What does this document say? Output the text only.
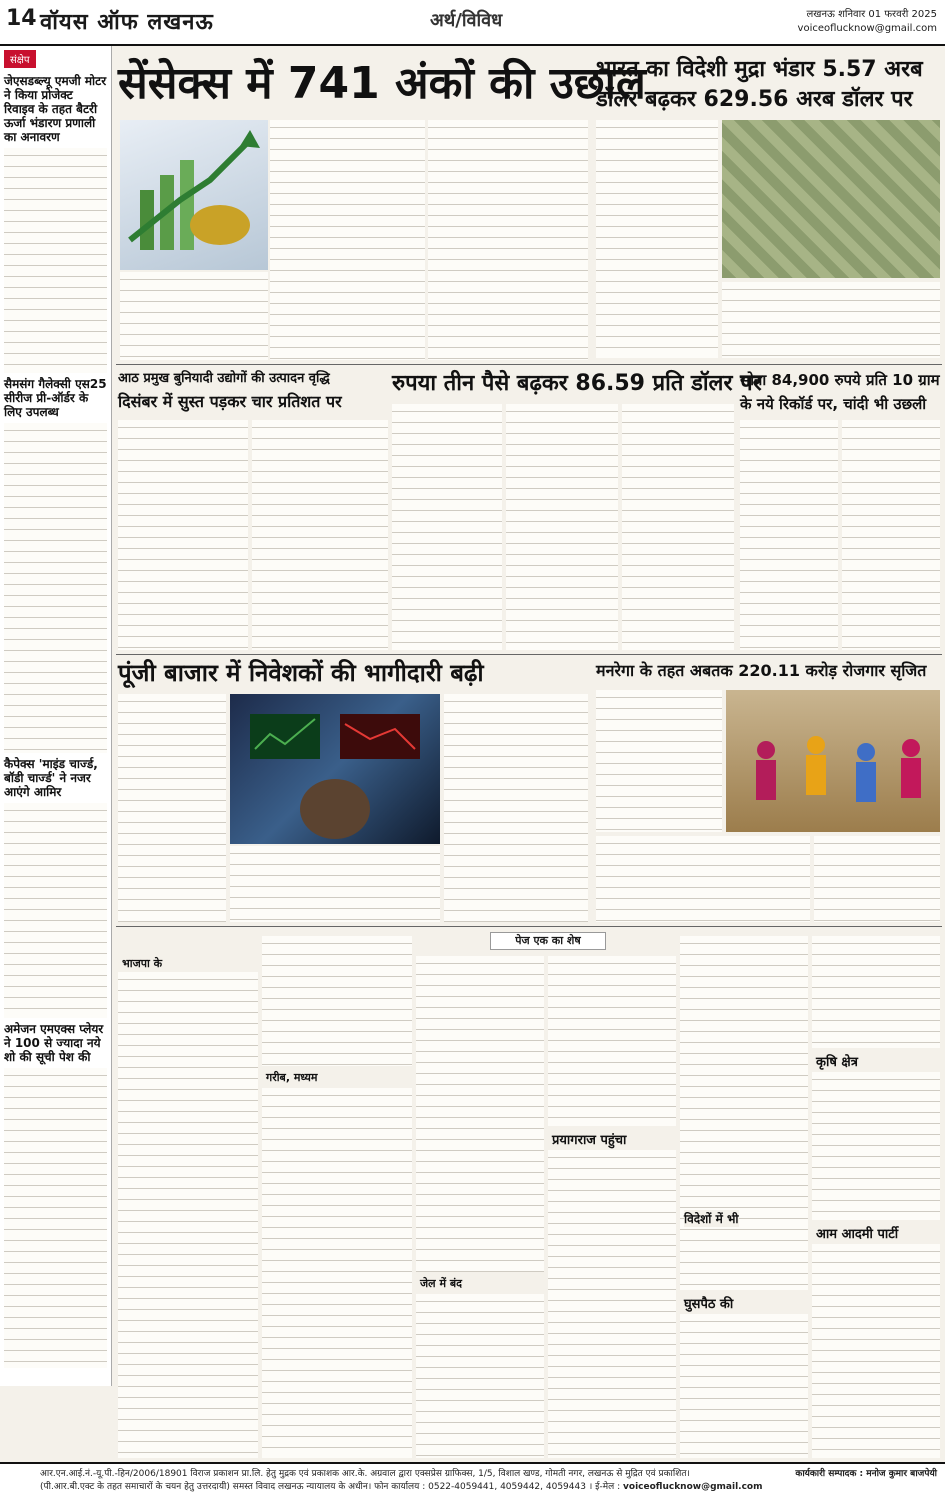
14 वॉयस ऑफ लखनऊ	अर्थ/विविध	लखनऊ शनिवार 01 फरवरी 2025
voiceoflucknow@gmail.com
संक्षेप
जेएसडब्ल्यू एमजी मोटर ने किया प्रोजेक्ट रिवाइव के तहत बैटरी ऊर्जा भंडारण प्रणाली का अनावरण
सैमसंग गैलेक्सी एस25 सीरीज प्री-ऑर्डर के लिए उपलब्ध
कैपेक्स 'माइंड चार्ज्ड, बॉडी चार्ज्ड' ने नजर आएंगे आमिर
अमेजन एमएक्स प्लेयर ने 100 से ज्यादा नये शो की सूची पेश की
सेंसेक्स में 741 अंकों की उछाल
भारत का विदेशी मुद्रा भंडार 5.57 अरब
डॉलर बढ़कर 629.56 अरब डॉलर पर
आठ प्रमुख बुनियादी उद्योगों की उत्पादन वृद्धि
दिसंबर में सुस्त पड़कर चार प्रतिशत पर
रुपया तीन पैसे बढ़कर 86.59 प्रति डॉलर पर
सोना 84,900 रुपये प्रति 10 ग्राम
के नये रिकॉर्ड पर, चांदी भी उछली
पूंजी बाजार में निवेशकों की भागीदारी बढ़ी	मनरेगा के तहत अबतक 220.11 करोड़ रोजगार सृजित
पेज एक का शेष
भाजपा के
गरीब, मध्यम
जेल में बंद
प्रयागराज पहुंचा
घुसपैठ की
विदेशों में भी
कृषि क्षेत्र
आम आदमी पार्टी
आर.एन.आई.नं.-यू.पी.-हिन/2006/18901 विराज प्रकाशन प्रा.लि. हेतु मुद्रक एवं प्रकाशक आर.के. अग्रवाल द्वारा एक्सप्रेस ग्राफिक्स, 1/5, विशाल खण्ड, गोमती नगर, लखनऊ से मुद्रित एवं प्रकाशित।
(पी.आर.बी.एक्ट के तहत समाचारों के चयन हेतु उत्तरदायी) समस्त विवाद लखनऊ न्यायालय के अधीन। फोन कार्यालय : 0522-4059441, 4059442, 4059443 । ई-मेल : voiceoflucknow@gmail.com
कार्यकारी सम्पादक : मनोज कुमार बाजपेयी
